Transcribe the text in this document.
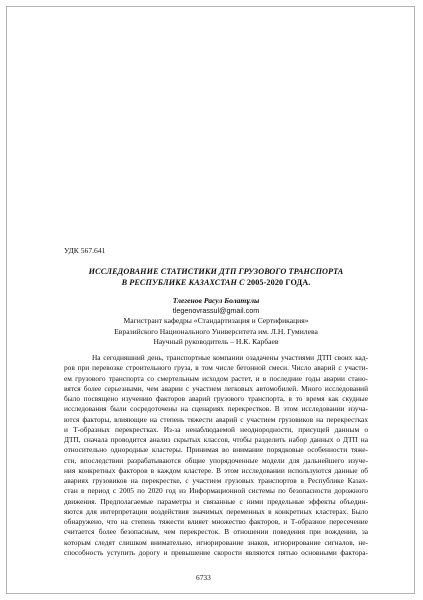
УДК 567.641
ИССЛЕДОВАНИЕ СТАТИСТИКИ ДТП ГРУЗОВОГО ТРАНСПОРТА
В РЕСПУБЛИКЕ КАЗАХСТАН С 2005-2020 ГОДА.
Тлегенов Расул Болатұлы
tlegenovrassul@gmail.com
Магистрант кафедры «Стандартизация и Сертификация»
Евразийского Национального Университета им. Л.Н. Гумилева
Научный руководитель – Н.К. Карбаев
На сегодняшний день, транспортные компании озадачены участиями ДТП своих кад-
ров при перевозке строительного груза, в том числе бетонной смеси. Число аварий с участи-
ем грузового транспорта со смертельным исходом растет, и в последние годы аварии стано-
вятся более серьезными, чем аварии с участием легковых автомобилей. Много исследований
было посвящено изучению факторов аварий грузового транспорта, в то время как скудные
исследования были сосредоточены на сценариях перекрестков. В этом исследовании изуча-
ются факторы, влияющие на степень тяжести аварий с участием грузовиков на перекрестках
и Т-образных перекрестках. Из-за ненаблюдаемой неоднородности, присущей данным о
ДТП, сначала проводится анализ скрытых классов, чтобы разделить набор данных о ДТП на
относительно однородные кластеры. Принимая во внимание порядковые особенности тяже-
сти, впоследствии разрабатываются общие упорядоченные модели для дальнейшего изуче-
ния конкретных факторов в каждом кластере. В этом исследовании используются данные об
авариях грузовиков на перекрестке, с участием грузовых транспортов в Республике Казах-
стан в период с 2005 по 2020 год из Информационной системы по безопасности дорожного
движения. Предполагаемые параметры и связанные с ними предельные эффекты объедин-
яются для интерпретации воздействия значимых переменных в конкретных кластерах. Было
обнаружено, что на степень тяжести влияет множество факторов, и Т-образное пересечение
считается более безопасным, чем перекресток. В отношении поведения при вождении, за
которым следят слишком внимательно, игнорирование знаков, игнорирование сигналов, не-
способность уступить дорогу и превышение скорости являются пятью основными фактора-
6733
